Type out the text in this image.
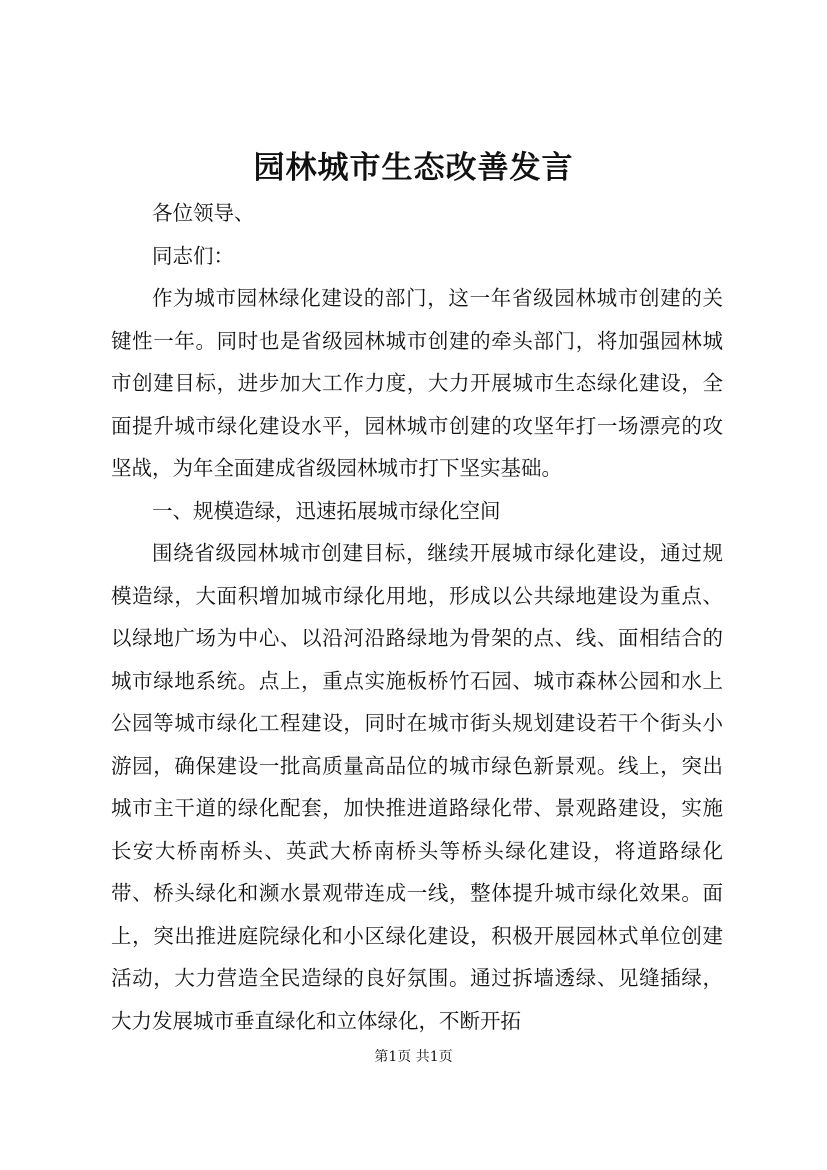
园林城市生态改善发言

各位领导、

同志们：

作为城市园林绿化建设的部门，这一年省级园林城市创建的关键性一年。同时也是省级园林城市创建的牵头部门，将加强园林城市创建目标，进步加大工作力度，大力开展城市生态绿化建设，全面提升城市绿化建设水平，园林城市创建的攻坚年打一场漂亮的攻坚战，为年全面建成省级园林城市打下坚实基础。

一、规模造绿，迅速拓展城市绿化空间

围绕省级园林城市创建目标，继续开展城市绿化建设，通过规模造绿，大面积增加城市绿化用地，形成以公共绿地建设为重点、以绿地广场为中心、以沿河沿路绿地为骨架的点、线、面相结合的城市绿地系统。点上，重点实施板桥竹石园、城市森林公园和水上公园等城市绿化工程建设，同时在城市街头规划建设若干个街头小游园，确保建设一批高质量高品位的城市绿色新景观。线上，突出城市主干道的绿化配套，加快推进道路绿化带、景观路建设，实施长安大桥南桥头、英武大桥南桥头等桥头绿化建设，将道路绿化带、桥头绿化和濒水景观带连成一线，整体提升城市绿化效果。面上，突出推进庭院绿化和小区绿化建设，积极开展园林式单位创建活动，大力营造全民造绿的良好氛围。通过拆墙透绿、见缝插绿，大力发展城市垂直绿化和立体绿化，不断开拓

第1页 共1页
